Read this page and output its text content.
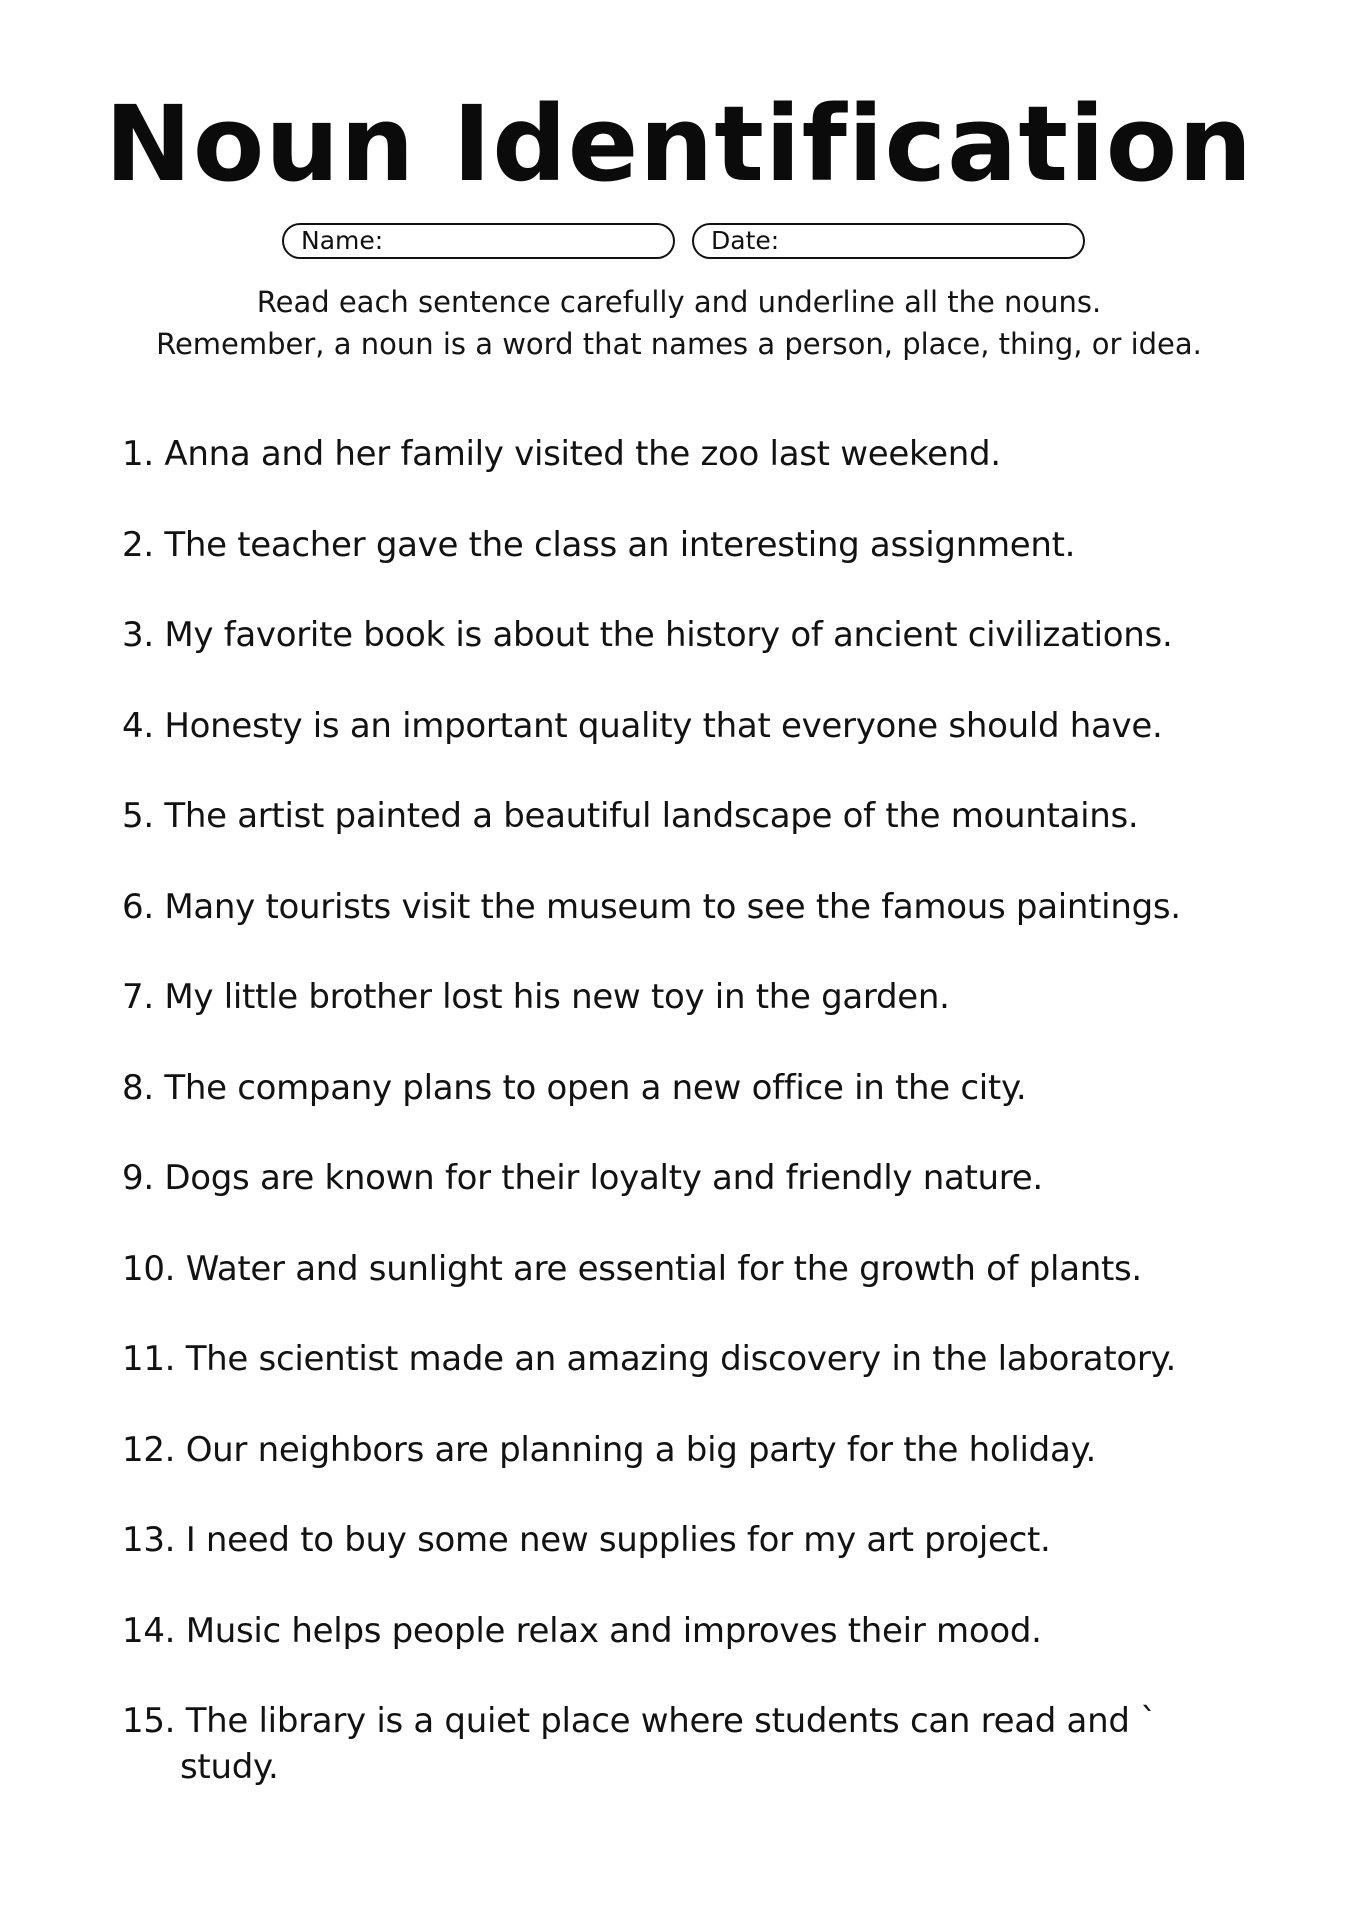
Noun Identification
Name:	Date:

Read each sentence carefully and underline all the nouns.

Remember, a noun is a word that names a person, place, thing, or idea.

1. Anna and her family visited the zoo last weekend.
2. The teacher gave the class an interesting assignment.
3. My favorite book is about the history of ancient civilizations.
4. Honesty is an important quality that everyone should have.
5. The artist painted a beautiful landscape of the mountains.
6. Many tourists visit the museum to see the famous paintings.
7. My little brother lost his new toy in the garden.
8. The company plans to open a new office in the city.
9. Dogs are known for their loyalty and friendly nature.
10. Water and sunlight are essential for the growth of plants.
11. The scientist made an amazing discovery in the laboratory.
12. Our neighbors are planning a big party for the holiday.
13. I need to buy some new supplies for my art project.
14. Music helps people relax and improves their mood.
15. The library is a quiet place where students can read and `
study.
